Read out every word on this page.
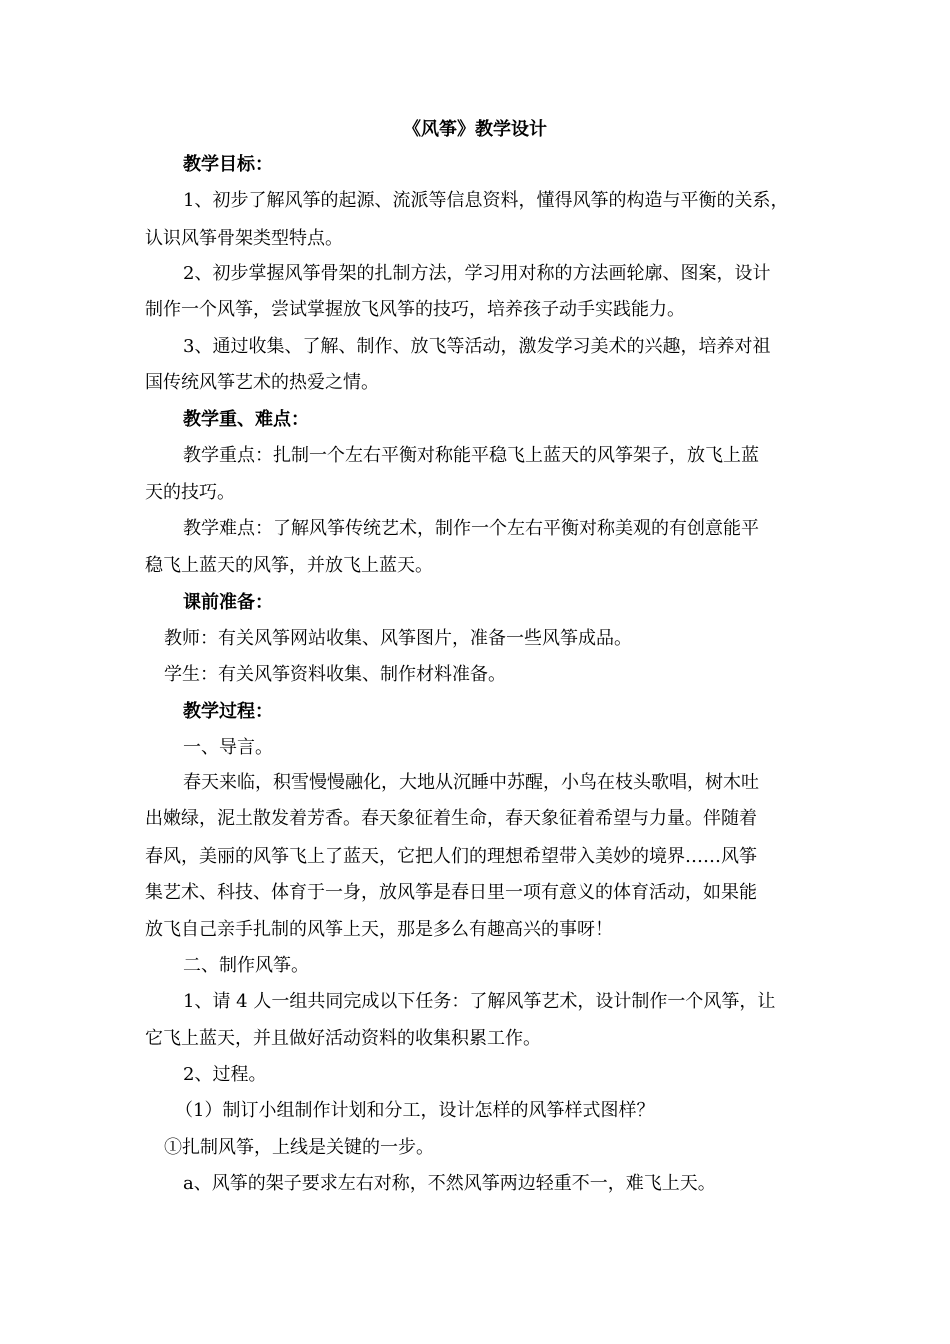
《风筝》教学设计
教学目标：
1、初步了解风筝的起源、流派等信息资料，懂得风筝的构造与平衡的关系，
认识风筝骨架类型特点。
2、初步掌握风筝骨架的扎制方法，学习用对称的方法画轮廓、图案，设计
制作一个风筝，尝试掌握放飞风筝的技巧，培养孩子动手实践能力。
3、通过收集、了解、制作、放飞等活动，激发学习美术的兴趣，培养对祖
国传统风筝艺术的热爱之情。
教学重、难点：
教学重点：扎制一个左右平衡对称能平稳飞上蓝天的风筝架子，放飞上蓝
天的技巧。
教学难点：了解风筝传统艺术，制作一个左右平衡对称美观的有创意能平
稳飞上蓝天的风筝，并放飞上蓝天。
课前准备：
教师：有关风筝网站收集、风筝图片，准备一些风筝成品。
学生：有关风筝资料收集、制作材料准备。
教学过程：
一、导言。
春天来临，积雪慢慢融化，大地从沉睡中苏醒，小鸟在枝头歌唱，树木吐
出嫩绿，泥土散发着芳香。春天象征着生命，春天象征着希望与力量。伴随着
春风，美丽的风筝飞上了蓝天，它把人们的理想希望带入美妙的境界……风筝
集艺术、科技、体育于一身，放风筝是春日里一项有意义的体育活动，如果能
放飞自己亲手扎制的风筝上天，那是多么有趣高兴的事呀！
二、制作风筝。
1、请 4 人一组共同完成以下任务：了解风筝艺术，设计制作一个风筝，让
它飞上蓝天，并且做好活动资料的收集积累工作。
2、过程。
（1）制订小组制作计划和分工，设计怎样的风筝样式图样？
①扎制风筝，上线是关键的一步。
a、风筝的架子要求左右对称，不然风筝两边轻重不一，难飞上天。
